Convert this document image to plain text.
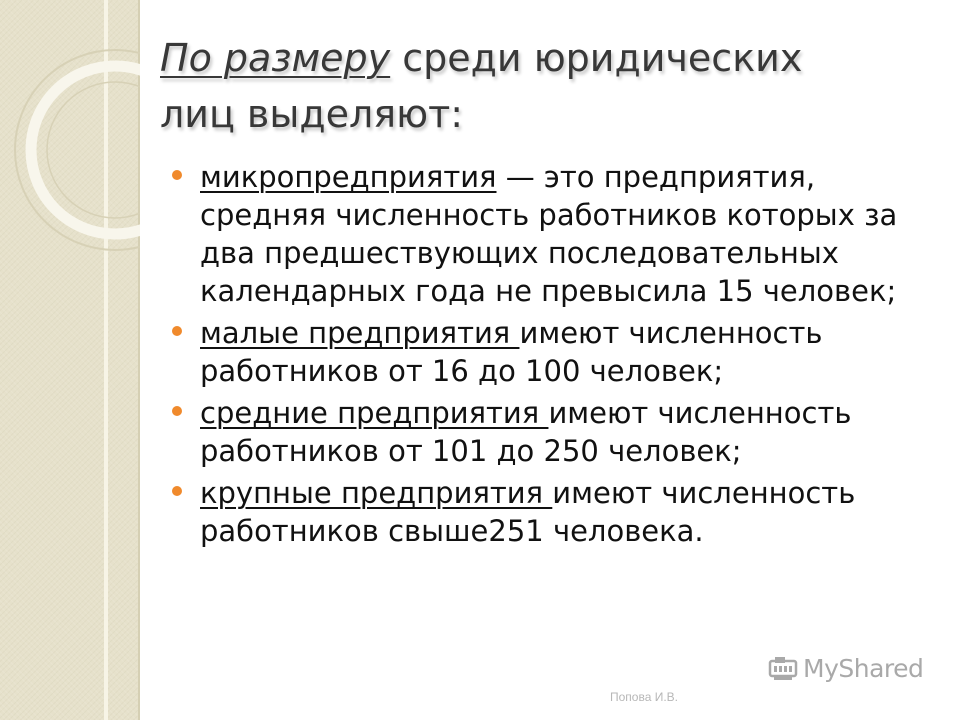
По размеру среди юридических
лиц выделяют:
микропредприятия — это предприятия, средняя численность работников которых за два предшествующих последовательных календарных года не превысила 15 человек;
малые предприятия имеют численность работников от 16 до 100 человек;
средние предприятия имеют численность работников от 101 до 250 человек;
крупные предприятия имеют численность работников свыше251 человека.
Попова И.В.
MyShared
